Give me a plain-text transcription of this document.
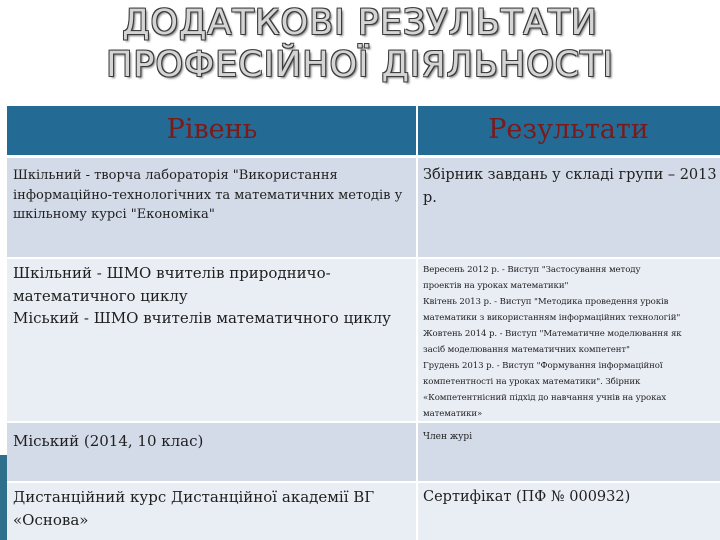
ДОДАТКОВІ РЕЗУЛЬТАТИ
ПРОФЕСІЙНОЇ ДІЯЛЬНОСТІ
Рівень	Результати
Шкільний - творча лабораторія "Використання
інформаційно-технологічних та математичних методів у
шкільному курсі "Економіка"
Збірник завдань у складі групи – 2013 р.
Шкільний - ШМО вчителів природничо-
математичного циклу
Міський - ШМО вчителів математичного циклу
Вересень 2012 р. - Виступ "Застосування методу
проектів на уроках математики"
Квітень 2013 р. - Виступ "Методика проведення уроків
математики з використанням інформаційних технологій"
Жовтень 2014 р. - Виступ "Математичне моделювання як
засіб моделювання математичних компетент"
Грудень 2013 р. - Виступ "Формування інформаційної
компетентності на уроках математики". Збірник
«Компетентнісний підхід до навчання учнів на уроках
математики»
Міський (2014, 10 клас)	Член журі
Дистанційний курс Дистанційної академії ВГ
«Основа»
Сертифікат (ПФ № 000932)
